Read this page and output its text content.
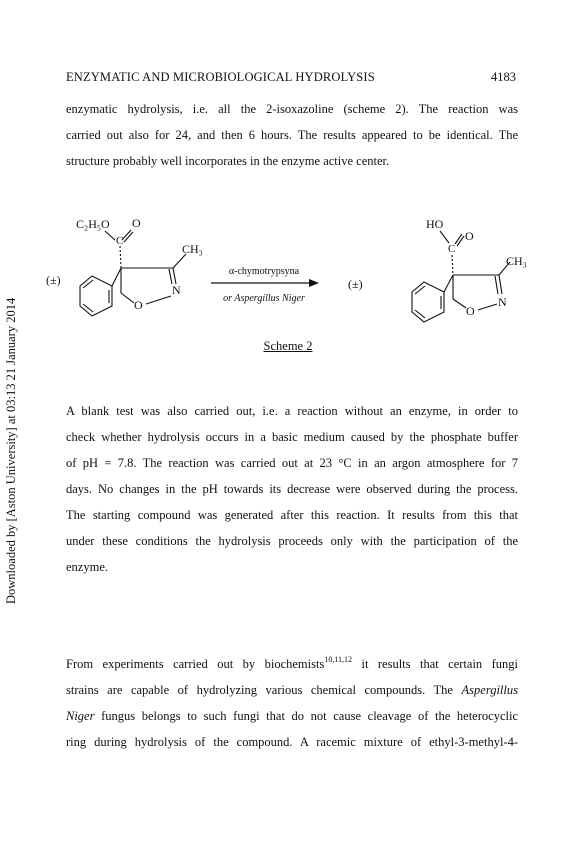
Downloaded by [Aston University] at 03:13 21 January 2014
ENZYMATIC AND MICROBIOLOGICAL HYDROLYSIS	4183
enzymatic hydrolysis, i.e. all the 2-isoxazoline (scheme 2). The reaction was
carried out also for 24, and then 6 hours. The results appeared to be identical. The
structure probably well incorporates in the enzyme active center.
(±)
C₂H₅O O
C
CH₃
N
O
α-chymotrypsyna
or Aspergillus Niger
(±)
HO
O
C
CH₃
N
O
Scheme 2
A blank test was also carried out, i.e. a reaction without an enzyme, in order to
check whether hydrolysis occurs in a basic medium caused by the phosphate buffer
of pH = 7.8. The reaction was carried out at 23 °C in an argon atmosphere for 7
days. No changes in the pH towards its decrease were observed during the process.
The starting compound was generated after this reaction. It results from this that
under these conditions the hydrolysis proceeds only with the participation of the
enzyme.
From experiments carried out by biochemists$^{10,11,12}$ it results that certain fungi
strains are capable of hydrolyzing various chemical compounds. The Aspergillus
Niger fungus belongs to such fungi that do not cause cleavage of the heterocyclic
ring during hydrolysis of the compound. A racemic mixture of ethyl-3-methyl-4-
